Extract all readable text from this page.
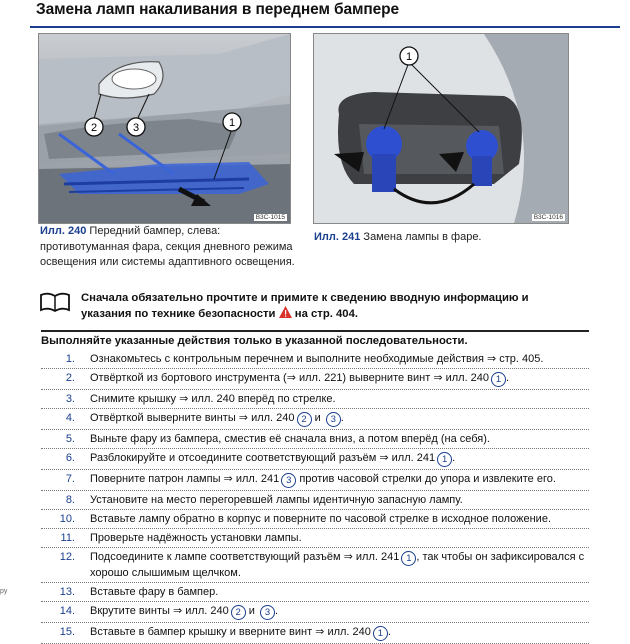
Замена ламп накаливания в переднем бампере
1
2	3
B3C-1015
1
B3C-1016
Илл. 240 Передний бампер, слева: противотуманная фара, секция дневного режима освещения или системы адаптивного освещения.
Илл. 241 Замена лампы в фаре.
Сначала обязательно прочтите и примите к сведению вводную информацию и указания по технике безопасности на стр. 404.
Выполняйте указанные действия только в указанной последовательности.
1.	Ознакомьтесь с контрольным перечнем и выполните необходимые действия ⇒ стр. 405.
2.	Отвёрткой из бортового инструмента (⇒ илл. 221) выверните винт ⇒ илл. 240 1 .
3.	Снимите крышку ⇒ илл. 240 вперёд по стрелке.
4.	Отвёрткой выверните винты ⇒ илл. 240 2 и 3 .
5.	Выньте фару из бампера, сместив её сначала вниз, а потом вперёд (на себя).
6.	Разблокируйте и отсоедините соответствующий разъём ⇒ илл. 241 1 .
7.	Поверните патрон лампы ⇒ илл. 241 3 против часовой стрелки до упора и извлеките его.
8.	Установите на место перегоревшей лампы идентичную запасную лампу.
10.	Вставьте лампу обратно в корпус и поверните по часовой стрелке в исходное положение.
11.	Проверьте надёжность установки лампы.
12.	Подсоедините к лампе соответствующий разъём ⇒ илл. 241 1 , так чтобы он зафиксировался с хорошо слышимым щелчком.
13.	Вставьте фару в бампер.
14.	Вкрутите винты ⇒ илл. 240 2 и 3 .
15.	Вставьте в бампер крышку и вверните винт ⇒ илл. 240 1 .
ру
